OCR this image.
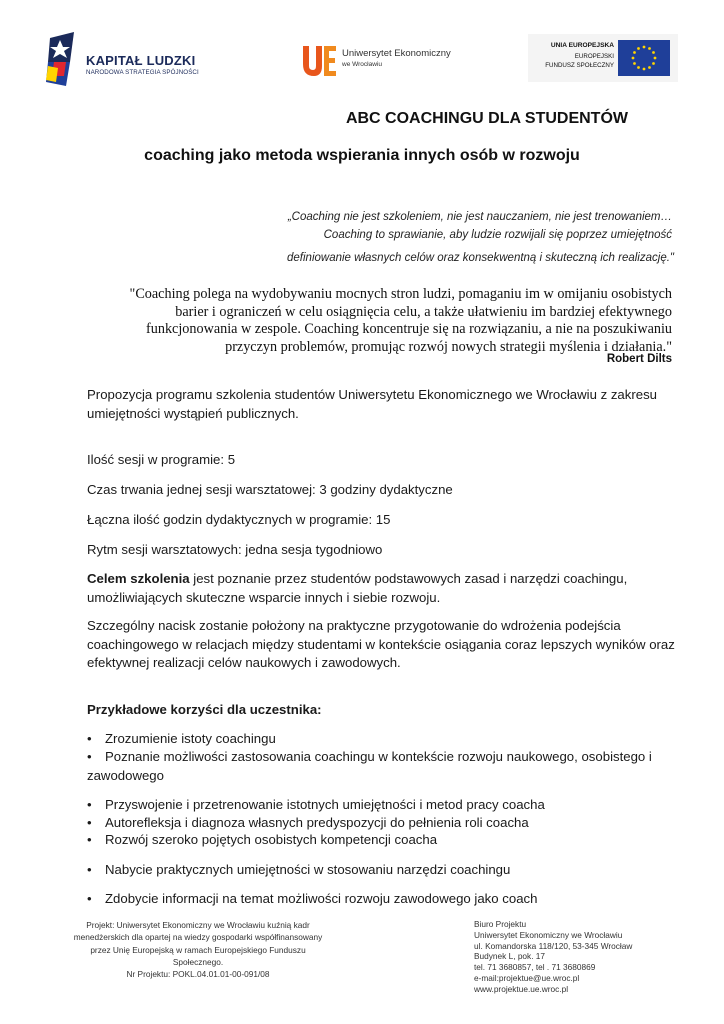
KAPITAŁ LUDZKI
NARODOWA STRATEGIA SPÓJNOŚCI
Uniwersytet Ekonomiczny
we Wrocławiu
UNIA EUROPEJSKA
EUROPEJSKI
FUNDUSZ SPOŁECZNY
ABC COACHINGU DLA STUDENTÓW
coaching jako metoda wspierania innych osób w rozwoju
„Coaching nie jest szkoleniem, nie jest nauczaniem, nie jest trenowaniem…
Coaching to sprawianie, aby ludzie rozwijali się poprzez umiejętność
definiowanie własnych celów oraz konsekwentną i skuteczną ich realizację."
"Coaching polega na wydobywaniu mocnych stron ludzi, pomaganiu im w omijaniu osobistych barier i ograniczeń w celu osiągnięcia celu, a także ułatwieniu im bardziej efektywnego funkcjonowania w zespole. Coaching koncentruje się na rozwiązaniu, a nie na poszukiwaniu przyczyn problemów, promując rozwój nowych strategii myślenia i działania."
Robert Dilts
Propozycja programu szkolenia studentów Uniwersytetu Ekonomicznego we Wrocławiu z zakresu umiejętności wystąpień publicznych.
Ilość sesji w programie: 5
Czas trwania jednej sesji warsztatowej: 3 godziny dydaktyczne
Łączna ilość godzin dydaktycznych w programie: 15
Rytm sesji warsztatowych: jedna sesja tygodniowo
Celem szkolenia jest poznanie przez studentów podstawowych zasad i narzędzi coachingu, umożliwiających skuteczne wsparcie innych i siebie rozwoju.
Szczególny nacisk zostanie położony na praktyczne przygotowanie do wdrożenia podejścia coachingowego w relacjach między studentami w kontekście osiągania coraz lepszych wyników oraz efektywnej realizacji celów naukowych i zawodowych.
Przykładowe korzyści dla uczestnika:
• Zrozumienie istoty coachingu
• Poznanie możliwości zastosowania coachingu w kontekście rozwoju naukowego, osobistego i zawodowego
• Przyswojenie i przetrenowanie istotnych umiejętności i metod pracy coacha
• Autorefleksja i diagnoza własnych predyspozycji do pełnienia roli coacha
• Rozwój szeroko pojętych osobistych kompetencji coacha
• Nabycie praktycznych umiejętności w stosowaniu narzędzi coachingu
• Zdobycie informacji na temat możliwości rozwoju zawodowego jako coach
Projekt: Uniwersytet Ekonomiczny we Wrocławiu kuźnią kadr
menedżerskich dla opartej na wiedzy gospodarki współfinansowany
przez Unię Europejską w ramach Europejskiego Funduszu
Społecznego.
Nr Projektu: POKL.04.01.01-00-091/08
Biuro Projektu
Uniwersytet Ekonomiczny we Wrocławiu
ul. Komandorska 118/120, 53-345 Wrocław
Budynek L, pok. 17
tel. 71 3680857, tel . 71 3680869
e-mail:projektue@ue.wroc.pl
www.projektue.ue.wroc.pl
